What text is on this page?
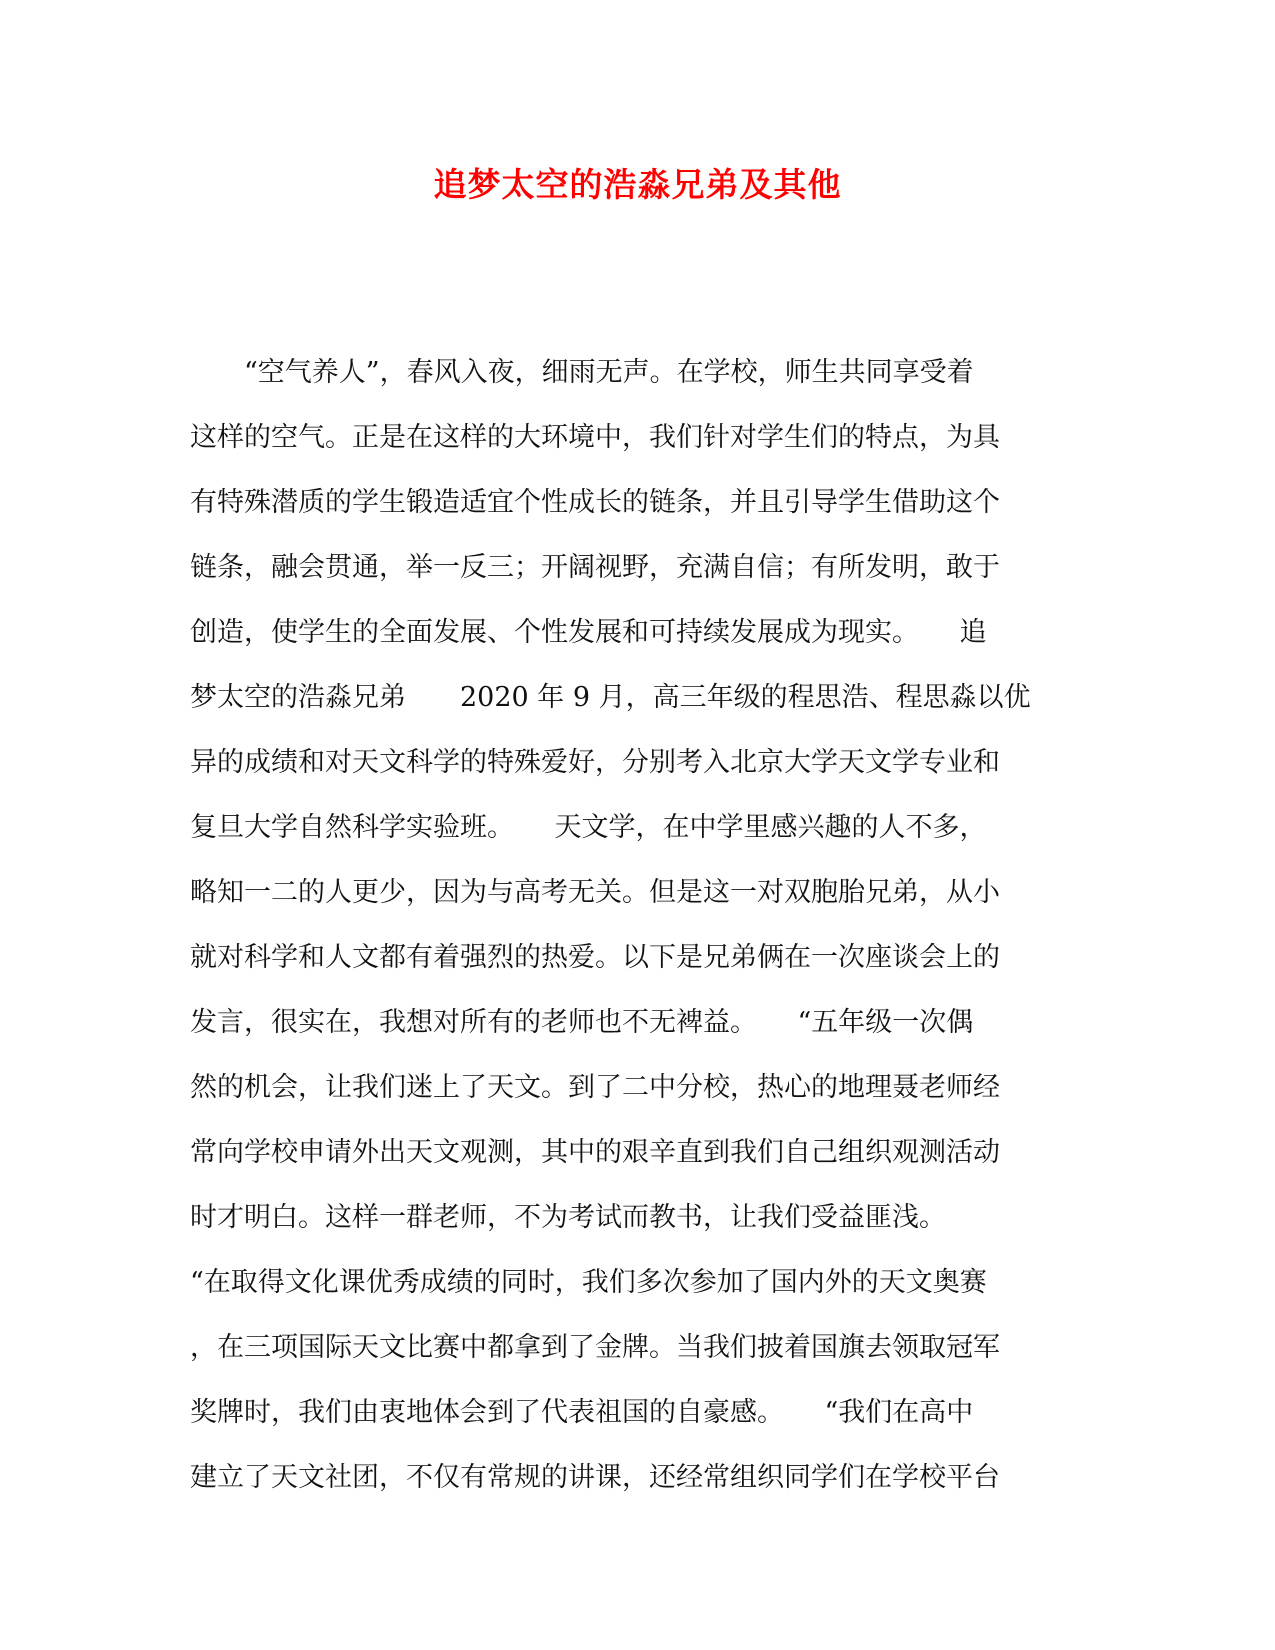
追梦太空的浩淼兄弟及其他
　　“空气养人”，春风入夜，细雨无声。在学校，师生共同享受着
这样的空气。正是在这样的大环境中，我们针对学生们的特点，为具
有特殊潜质的学生锻造适宜个性成长的链条，并且引导学生借助这个
链条，融会贯通，举一反三；开阔视野，充满自信；有所发明，敢于
创造，使学生的全面发展、个性发展和可持续发展成为现实。　　追
梦太空的浩淼兄弟　　2020 年 9 月，高三年级的程思浩、程思淼以优
异的成绩和对天文科学的特殊爱好，分别考入北京大学天文学专业和
复旦大学自然科学实验班。　　天文学，在中学里感兴趣的人不多，
略知一二的人更少，因为与高考无关。但是这一对双胞胎兄弟，从小
就对科学和人文都有着强烈的热爱。以下是兄弟俩在一次座谈会上的
发言，很实在，我想对所有的老师也不无裨益。　　“五年级一次偶
然的机会，让我们迷上了天文。到了二中分校，热心的地理聂老师经
常向学校申请外出天文观测，其中的艰辛直到我们自己组织观测活动
时才明白。这样一群老师，不为考试而教书，让我们受益匪浅。
“在取得文化课优秀成绩的同时，我们多次参加了国内外的天文奥赛
，在三项国际天文比赛中都拿到了金牌。当我们披着国旗去领取冠军
奖牌时，我们由衷地体会到了代表祖国的自豪感。　　“我们在高中
建立了天文社团，不仅有常规的讲课，还经常组织同学们在学校平台
